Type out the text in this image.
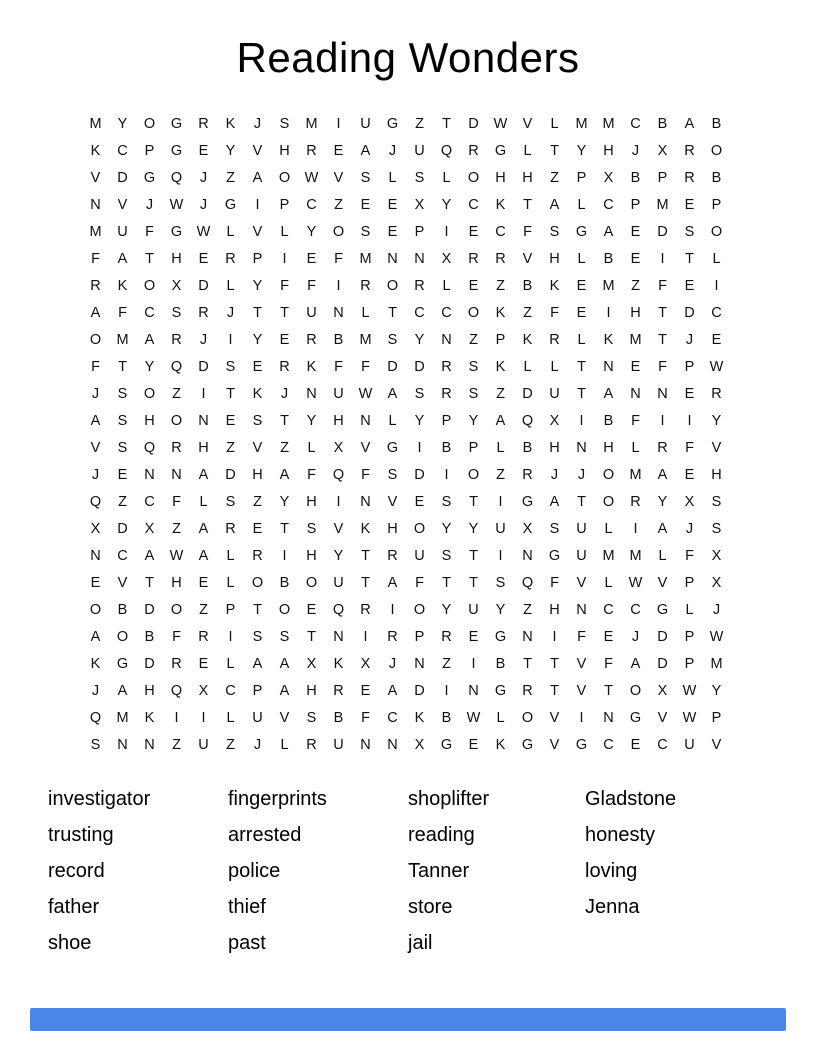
Reading Wonders
M	Y	O	G	R	K	J	S	M	I	U	G	Z	T	D	W	V	L	M	M	C	B	A	B
K	C	P	G	E	Y	V	H	R	E	A	J	U	Q	R	G	L	T	Y	H	J	X	R	O
V	D	G	Q	J	Z	A	O	W	V	S	L	S	L	O	H	H	Z	P	X	B	P	R	B
N	V	J	W	J	G	I	P	C	Z	E	E	X	Y	C	K	T	A	L	C	P	M	E	P
M	U	F	G	W	L	V	L	Y	O	S	E	P	I	E	C	F	S	G	A	E	D	S	O
F	A	T	H	E	R	P	I	E	F	M	N	N	X	R	R	V	H	L	B	E	I	T	L
R	K	O	X	D	L	Y	F	F	I	R	O	R	L	E	Z	B	K	E	M	Z	F	E	I
A	F	C	S	R	J	T	T	U	N	L	T	C	C	O	K	Z	F	E	I	H	T	D	C
O	M	A	R	J	I	Y	E	R	B	M	S	Y	N	Z	P	K	R	L	K	M	T	J	E
F	T	Y	Q	D	S	E	R	K	F	F	D	D	R	S	K	L	L	T	N	E	F	P	W
J	S	O	Z	I	T	K	J	N	U	W	A	S	R	S	Z	D	U	T	A	N	N	E	R
A	S	H	O	N	E	S	T	Y	H	N	L	Y	P	Y	A	Q	X	I	B	F	I	I	Y
V	S	Q	R	H	Z	V	Z	L	X	V	G	I	B	P	L	B	H	N	H	L	R	F	V
J	E	N	N	A	D	H	A	F	Q	F	S	D	I	O	Z	R	J	J	O	M	A	E	H
Q	Z	C	F	L	S	Z	Y	H	I	N	V	E	S	T	I	G	A	T	O	R	Y	X	S
X	D	X	Z	A	R	E	T	S	V	K	H	O	Y	Y	U	X	S	U	L	I	A	J	S
N	C	A	W	A	L	R	I	H	Y	T	R	U	S	T	I	N	G	U	M	M	L	F	X
E	V	T	H	E	L	O	B	O	U	T	A	F	T	T	S	Q	F	V	L	W	V	P	X
O	B	D	O	Z	P	T	O	E	Q	R	I	O	Y	U	Y	Z	H	N	C	C	G	L	J
A	O	B	F	R	I	S	S	T	N	I	R	P	R	E	G	N	I	F	E	J	D	P	W
K	G	D	R	E	L	A	A	X	K	X	J	N	Z	I	B	T	T	V	F	A	D	P	M
J	A	H	Q	X	C	P	A	H	R	E	A	D	I	N	G	R	T	V	T	O	X	W	Y
Q	M	K	I	I	L	U	V	S	B	F	C	K	B	W	L	O	V	I	N	G	V	W	P
S	N	N	Z	U	Z	J	L	R	U	N	N	X	G	E	K	G	V	G	C	E	C	U	V
investigator
trusting
record
father
shoe
fingerprints
arrested
police
thief
past
shoplifter
reading
Tanner
store
jail
Gladstone
honesty
loving
Jenna
